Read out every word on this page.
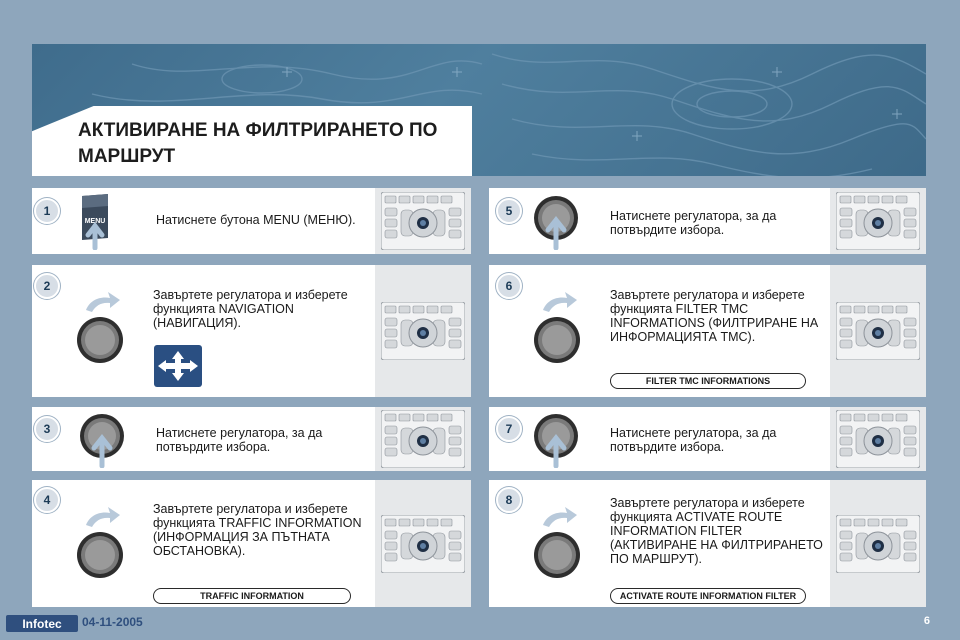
АКТИВИРАНЕ НА ФИЛТРИРАНЕТО ПО МАРШРУТ
1
MENU	Натиснете бутона MENU (МЕНЮ).
2
Завъртете регулатора и изберете функцията NAVIGATION (НАВИГАЦИЯ).
3	Натиснете регулатора, за да потвърдите избора.
4
Завъртете регулатора и изберете функцията TRAFFIC INFORMATION (ИНФОРМАЦИЯ ЗА ПЪТНАТА ОБСТАНОВКА).
TRAFFIC INFORMATION
5	Натиснете регулатора, за да потвърдите избора.
6
Завъртете регулатора и изберете функцията FILTER TMC INFORMATIONS (ФИЛТРИРАНЕ НА ИНФОРМАЦИЯТА TMC).
FILTER TMC INFORMATIONS
7	Натиснете регулатора, за да потвърдите избора.
8	Завъртете регулатора и изберете функцията ACTIVATE ROUTE INFORMATION FILTER (АКТИВИРАНЕ НА ФИЛТРИРАНЕТО ПО МАРШРУТ).
ACTIVATE ROUTE INFORMATION FILTER
Infotec	04-11-2005	6
